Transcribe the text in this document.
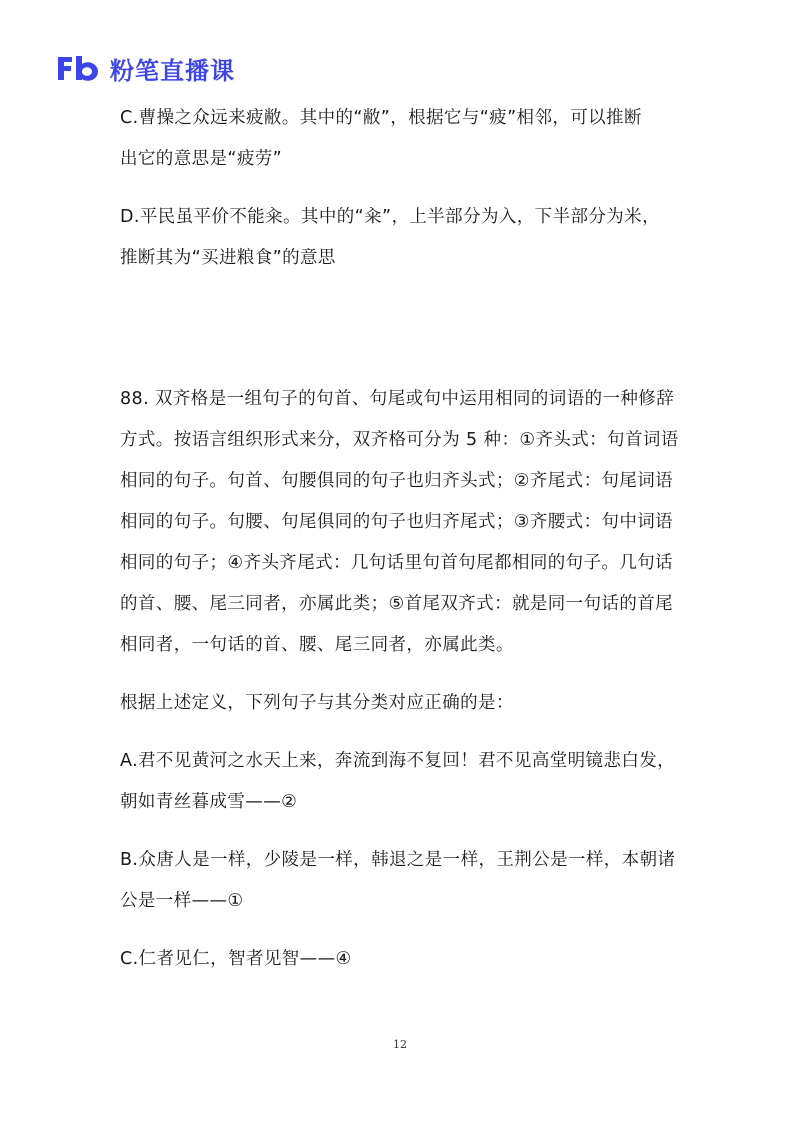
粉笔直播课

C.曹操之众远来疲敝。其中的“敝”，根据它与“疲”相邻，可以推断

出它的意思是“疲劳”

D.平民虽平价不能籴。其中的“籴”，上半部分为入，下半部分为米，

推断其为“买进粮食”的意思

88. 双齐格是一组句子的句首、句尾或句中运用相同的词语的一种修辞

方式。按语言组织形式来分，双齐格可分为 5 种：①齐头式：句首词语

相同的句子。句首、句腰俱同的句子也归齐头式；②齐尾式：句尾词语

相同的句子。句腰、句尾俱同的句子也归齐尾式；③齐腰式：句中词语

相同的句子；④齐头齐尾式：几句话里句首句尾都相同的句子。几句话

的首、腰、尾三同者，亦属此类；⑤首尾双齐式：就是同一句话的首尾

相同者，一句话的首、腰、尾三同者，亦属此类。

根据上述定义，下列句子与其分类对应正确的是：

A.君不见黄河之水天上来，奔流到海不复回！君不见高堂明镜悲白发，

朝如青丝暮成雪——②

B.众唐人是一样，少陵是一样，韩退之是一样，王荆公是一样，本朝诸

公是一样——①

C.仁者见仁，智者见智——④

12
